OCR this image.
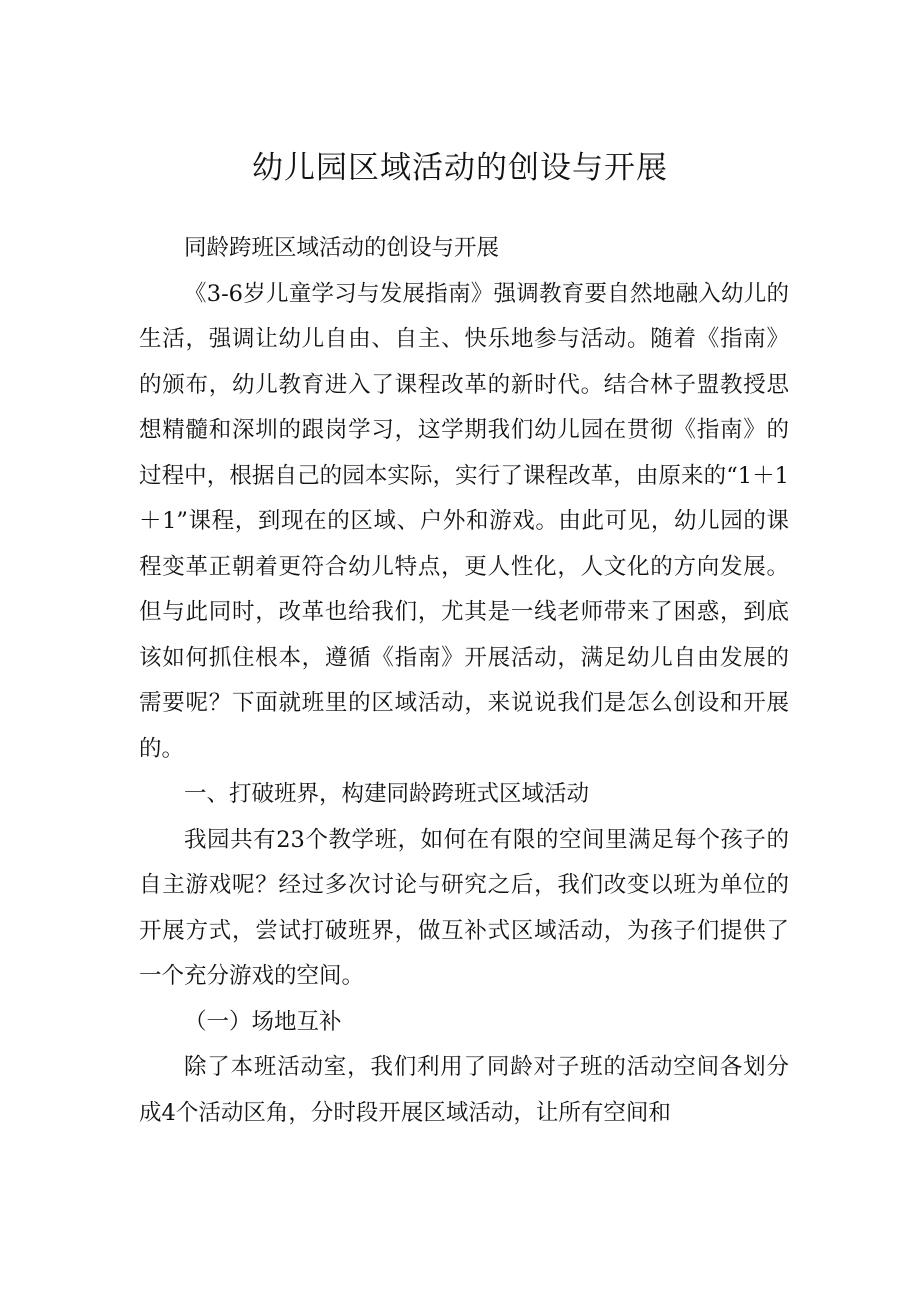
幼儿园区域活动的创设与开展

同龄跨班区域活动的创设与开展

《3-6岁儿童学习与发展指南》强调教育要自然地融入幼儿的生活，强调让幼儿自由、自主、快乐地参与活动。随着《指南》的颁布，幼儿教育进入了课程改革的新时代。结合林子盟教授思想精髓和深圳的跟岗学习，这学期我们幼儿园在贯彻《指南》的过程中，根据自己的园本实际，实行了课程改革，由原来的“1＋1＋1”课程，到现在的区域、户外和游戏。由此可见，幼儿园的课程变革正朝着更符合幼儿特点，更人性化，人文化的方向发展。但与此同时，改革也给我们，尤其是一线老师带来了困惑，到底该如何抓住根本，遵循《指南》开展活动，满足幼儿自由发展的需要呢？下面就班里的区域活动，来说说我们是怎么创设和开展的。

一、打破班界，构建同龄跨班式区域活动

我园共有23个教学班，如何在有限的空间里满足每个孩子的自主游戏呢？经过多次讨论与研究之后，我们改变以班为单位的开展方式，尝试打破班界，做互补式区域活动，为孩子们提供了一个充分游戏的空间。

（一）场地互补

除了本班活动室，我们利用了同龄对子班的活动空间各划分成4个活动区角，分时段开展区域活动，让所有空间和
